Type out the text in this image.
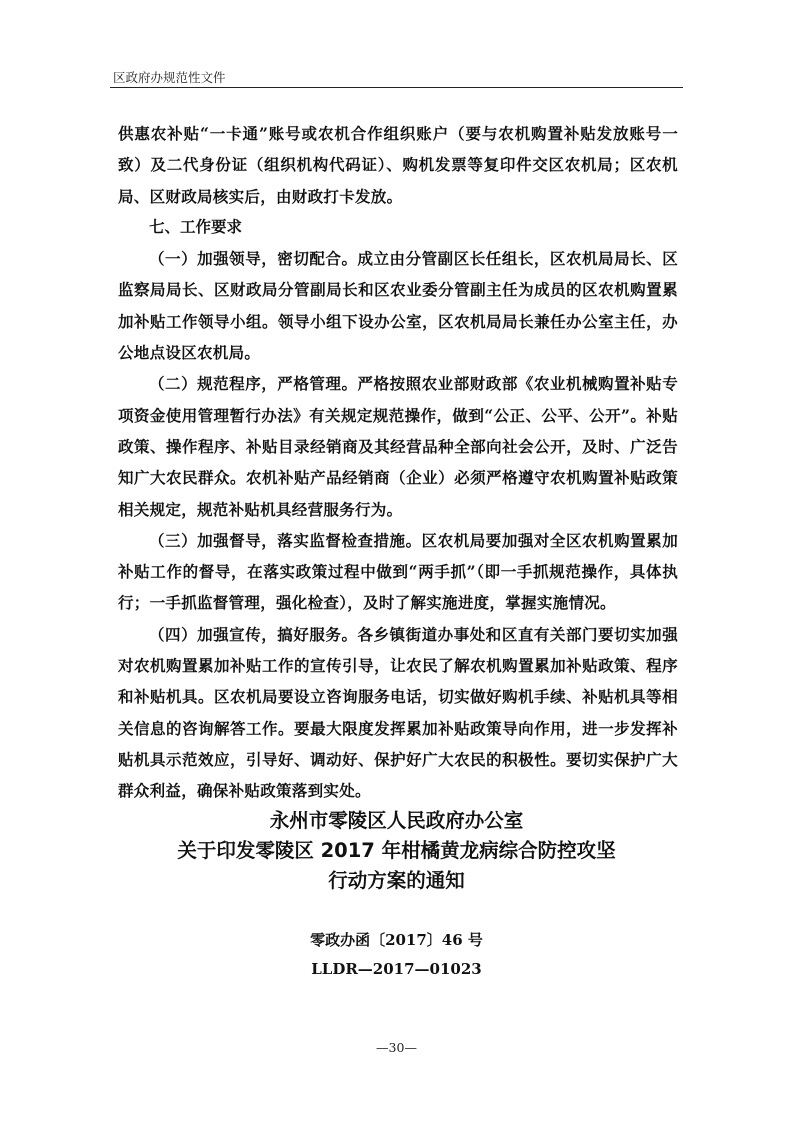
区政府办规范性文件

供惠农补贴“一卡通”账号或农机合作组织账户（要与农机购置补贴发放账号一致）及二代身份证（组织机构代码证）、购机发票等复印件交区农机局；区农机局、区财政局核实后，由财政打卡发放。

七、工作要求

（一）加强领导，密切配合。成立由分管副区长任组长，区农机局局长、区监察局局长、区财政局分管副局长和区农业委分管副主任为成员的区农机购置累加补贴工作领导小组。领导小组下设办公室，区农机局局长兼任办公室主任，办公地点设区农机局。

（二）规范程序，严格管理。严格按照农业部财政部《农业机械购置补贴专项资金使用管理暂行办法》有关规定规范操作，做到“公正、公平、公开”。补贴政策、操作程序、补贴目录经销商及其经营品种全部向社会公开，及时、广泛告知广大农民群众。农机补贴产品经销商（企业）必须严格遵守农机购置补贴政策相关规定，规范补贴机具经营服务行为。

（三）加强督导，落实监督检查措施。区农机局要加强对全区农机购置累加补贴工作的督导，在落实政策过程中做到“两手抓”（即一手抓规范操作，具体执行；一手抓监督管理，强化检查），及时了解实施进度，掌握实施情况。

（四）加强宣传，搞好服务。各乡镇街道办事处和区直有关部门要切实加强对农机购置累加补贴工作的宣传引导，让农民了解农机购置累加补贴政策、程序和补贴机具。区农机局要设立咨询服务电话，切实做好购机手续、补贴机具等相关信息的咨询解答工作。要最大限度发挥累加补贴政策导向作用，进一步发挥补贴机具示范效应，引导好、调动好、保护好广大农民的积极性。要切实保护广大群众利益，确保补贴政策落到实处。

永州市零陵区人民政府办公室

关于印发零陵区 2017 年柑橘黄龙病综合防控攻坚

行动方案的通知

零政办函〔2017〕46 号
LLDR—2017—01023
—30—
